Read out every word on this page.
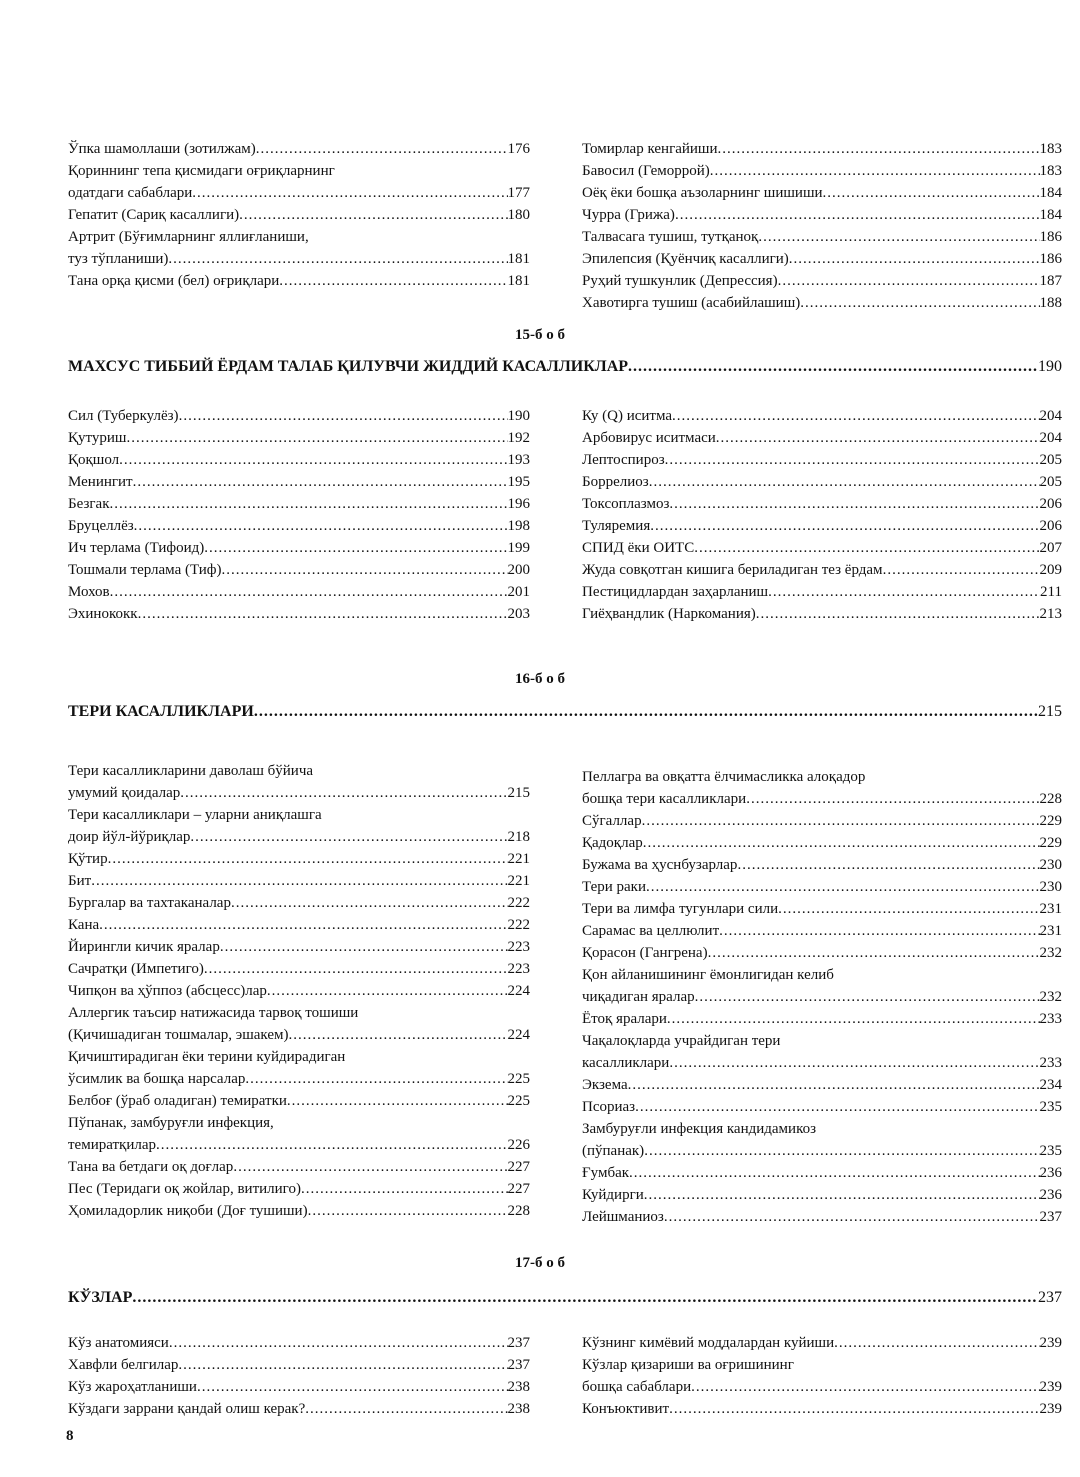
Ўпка шамоллаши (зотилжам) .....	176
Қориннинг тепа қисмидаги оғриқларнинг
одатдаги сабаблари .....	177
Гепатит (Сариқ касаллиги) .....	180
Артрит (Бўғимларнинг яллиғланиши,
туз тўпланиши) .....	181
Тана орқа қисми (бел) оғриқлари .....	181
Томирлар кенгайиши .....	183
Бавосил (Геморрой) .....	183
Оёқ ёки бошқа аъзоларнинг шишиши .....	184
Чурра (Грижа) .....	184
Талвасага тушиш, тутқаноқ .....	186
Эпилепсия (Қуёнчиқ касаллиги) .....	186
Руҳий тушкунлик (Депрессия) .....	187
Хавотирга тушиш (асабийлашиш) .....	188
15-б о б
МАХСУС ТИББИЙ ЁРДАМ ТАЛАБ ҚИЛУВЧИ ЖИДДИЙ КАСАЛЛИКЛАР .....	190
Сил (Туберкулёз) .....	190
Қутуриш .....	192
Қоқшол .....	193
Менингит .....	195
Безгак .....	196
Бруцеллёз .....	198
Ич терлама (Тифоид) .....	199
Тошмали терлама (Тиф) .....	200
Мохов .....	201
Эхинококк .....	203
Ку (Q) иситма .....	204
Арбовирус иситмаси .....	204
Лептоспироз .....	205
Боррелиоз .....	205
Токсоплазмоз .....	206
Туляремия .....	206
СПИД ёки ОИТС .....	207
Жуда совқотган кишига бериладиган тез ёрдам .....	209
Пестицидлардан заҳарланиш .....	211
Гиёҳвандлик (Наркомания) .....	213
16-б о б
ТЕРИ КАСАЛЛИКЛАРИ .....	215
Тери касалликларини даволаш бўйича
умумий қоидалар .....	215
Тери касалликлари – уларни аниқлашга
доир йўл-йўриқлар .....	218
Қўтир .....	221
Бит .....	221
Бургалар ва тахтаканалар .....	222
Кана .....	222
Йирингли кичик яралар .....	223
Сачратқи (Импетиго) .....	223
Чипқон ва ҳўппоз (абсцесс)лар .....	224
Аллергик таъсир натижасида тарвоқ тошиши
(Қичишадиган тошмалар, эшакем) .....	224
Қичиштирадиган ёки терини куйдирадиган
ўсимлик ва бошқа нарсалар .....	225
Белбоғ (ўраб оладиган) темиратки .....	225
Пўпанак, замбуруғли инфекция,
темиратқилар .....	226
Тана ва бетдаги оқ доғлар .....	227
Пес (Теридаги оқ жойлар, витилиго) .....	227
Ҳомиладорлик ниқоби (Доғ тушиши) .....	228
Пеллагра ва овқатта ёлчимасликка алоқадор
бошқа тери касалликлари .....	228
Сўгаллар .....	229
Қадоқлар .....	229
Бужама ва ҳуснбузарлар .....	230
Тери раки .....	230
Тери ва лимфа тугунлари сили .....	231
Сарамас ва целлюлит .....	231
Қорасон (Гангрена) .....	232
Қон айланишининг ёмонлигидан келиб
чиқадиган яралар .....	232
Ётоқ яралари .....	233
Чақалоқларда учрайдиган тери
касалликлари .....	233
Экзема .....	234
Псориаз .....	235
Замбуруғли инфекция кандидамикоз
(пўпанак) .....	235
Ғумбак .....	236
Куйдирги .....	236
Лейшманиоз .....	237
17-б о б
КЎЗЛАР .....	237
Кўз анатомияси .....	237
Хавфли белгилар .....	237
Кўз жароҳатланиши .....	238
Кўздаги заррани қандай олиш керак? .....	238
Кўзнинг кимёвий моддалардан куйиши .....	239
Кўзлар қизариши ва оғришининг
бошқа сабаблари .....	239
Конъюктивит .....	239
8
